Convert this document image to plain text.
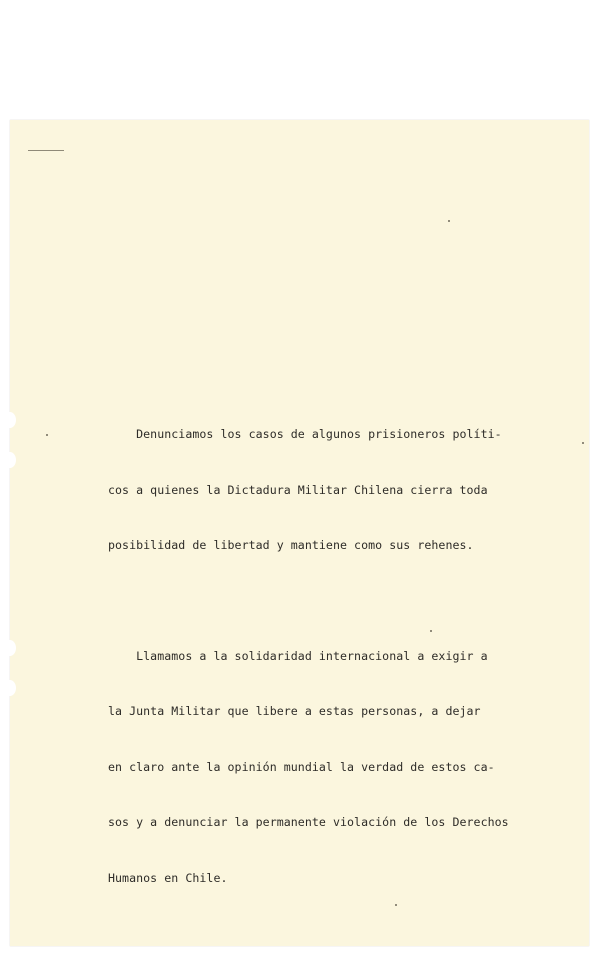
Denunciamos los casos de algunos prisioneros políti-

cos a quienes la Dictadura Militar Chilena cierra toda

posibilidad de libertad y mantiene como sus rehenes.

Llamamos a la solidaridad internacional a exigir a

la Junta Militar que libere a estas personas, a dejar

en claro ante la opinión mundial la verdad de estos ca-

sos y a denunciar la permanente violación de los Derechos

Humanos en Chile.
